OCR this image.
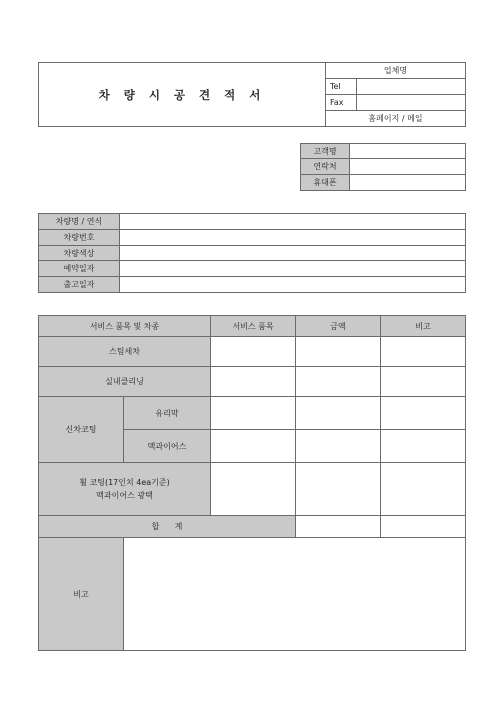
차 량 시 공 견 적 서	업체명	
	Tel	
	Fax	
	홈페이지 / 메일	
고객명	
연락처	
휴대폰	
차량명 / 연식	
차량번호	
차량색상	
예약일자	
출고일자	
서비스 품목 및 차종		서비스 품목	금액	비고
스팀세차				
실내클리닝				
신차코팅	유리막			
	맥과이어스			

휠 코팅(17인치 4ea기준)
맥과이어스 광택				

합      계				
비고				
